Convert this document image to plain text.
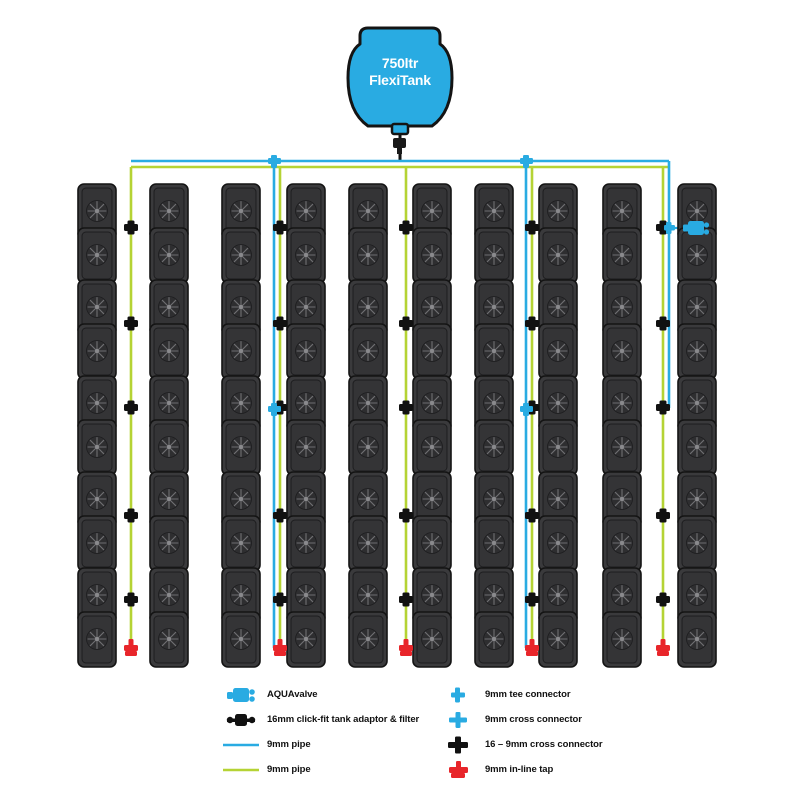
750ltr
FlexiTank
AQUAvalve
16mm click-fit tank adaptor & filter
9mm pipe
9mm pipe
9mm tee connector
9mm cross connector
16 – 9mm cross connector
9mm in-line tap
